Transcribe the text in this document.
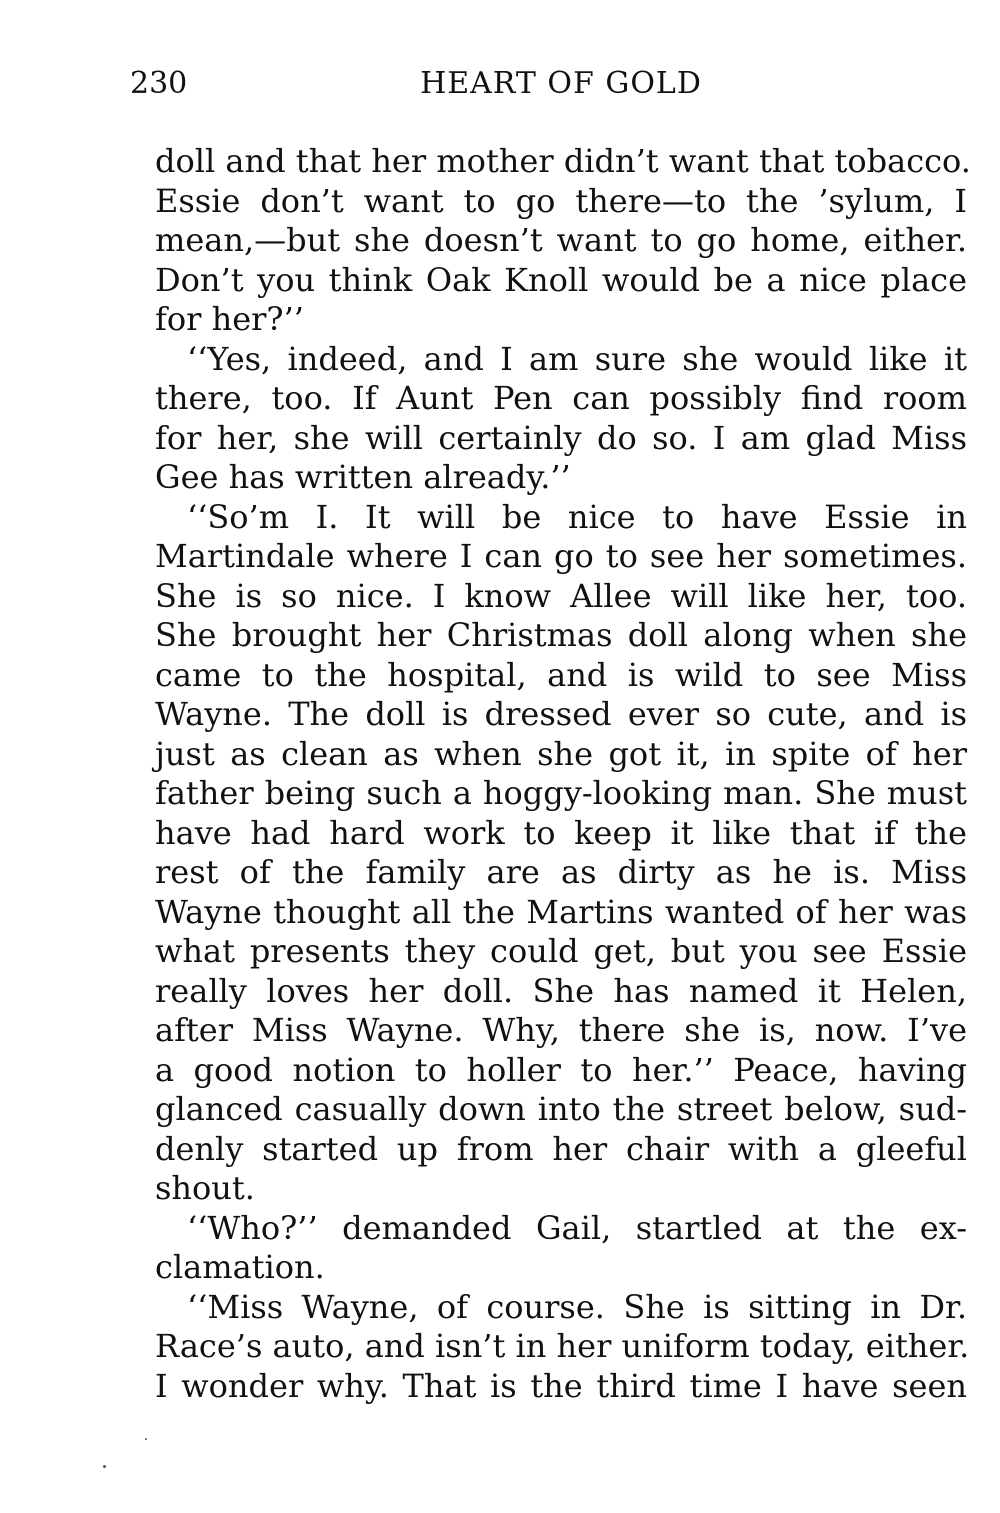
230	HEART OF GOLD
doll and that her mother didn’t want that tobacco.
Essie don’t want to go there—to the ’sylum, I
mean,—but she doesn’t want to go home, either.
Don’t you think Oak Knoll would be a nice place
for her?’’
‘‘Yes, indeed, and I am sure she would like it
there, too. If Aunt Pen can possibly find room
for her, she will certainly do so. I am glad Miss
Gee has written already.’’
‘‘So’m I. It will be nice to have Essie in
Martindale where I can go to see her sometimes.
She is so nice. I know Allee will like her, too.
She brought her Christmas doll along when she
came to the hospital, and is wild to see Miss
Wayne. The doll is dressed ever so cute, and is
just as clean as when she got it, in spite of her
father being such a hoggy-looking man. She must
have had hard work to keep it like that if the
rest of the family are as dirty as he is. Miss
Wayne thought all the Martins wanted of her was
what presents they could get, but you see Essie
really loves her doll. She has named it Helen,
after Miss Wayne. Why, there she is, now. I’ve
a good notion to holler to her.’’ Peace, having
glanced casually down into the street below, sud-
denly started up from her chair with a gleeful
shout.
‘‘Who?’’ demanded Gail, startled at the ex-
clamation.
‘‘Miss Wayne, of course. She is sitting in Dr.
Race’s auto, and isn’t in her uniform today, either.
I wonder why. That is the third time I have seen
